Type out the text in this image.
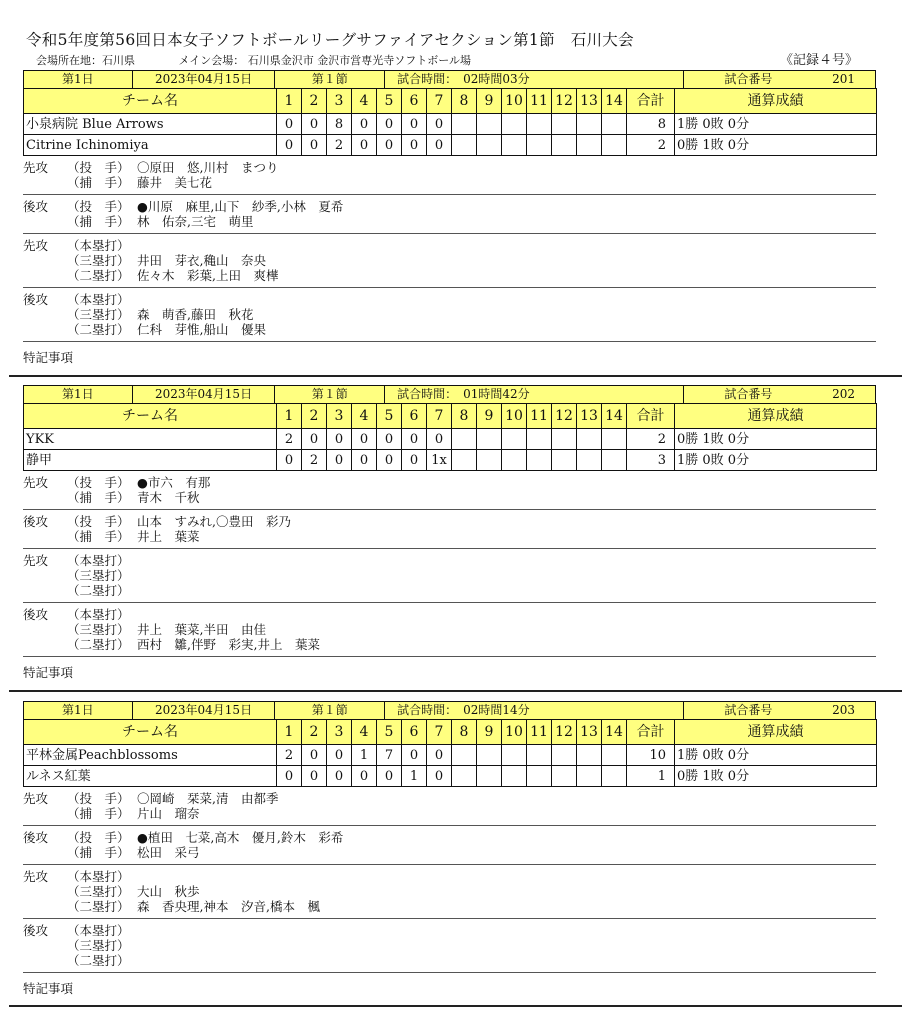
令和5年度第56回日本女子ソフトボールリーグサファイアセクション第1節　石川大会
会場所在地：石川県	メイン会場： 石川県金沢市 金沢市営専光寺ソフトボール場	《記録４号》
第1日	2023年04月15日	第１節	試合時間：　02時間03分	試合番号	201
チーム名	1	2	3	4	5	6	7	8	9	10	11	12	13	14	合計	通算成績
小泉病院 Blue Arrows	0	0	8	0	0	0	0								8	1勝 0敗 0分
Citrine Ichinomiya	0	0	2	0	0	0	0								2	0勝 1敗 0分
先攻	（投　手） 〇原田　悠,川村　まつり
（捕　手） 藤井　美七花
後攻	（投　手） ●川原　麻里,山下　紗季,小林　夏希
（捕　手） 林　佑奈,三宅　萌里
先攻	（本塁打）
（三塁打） 井田　芽衣,穐山　奈央
（二塁打） 佐々木　彩葉,上田　爽樺
後攻	（本塁打）
（三塁打） 森　萌香,藤田　秋花
（二塁打） 仁科　芽惟,船山　優果
特記事項
第1日	2023年04月15日	第１節	試合時間：　01時間42分	試合番号	202
チーム名	1	2	3	4	5	6	7	8	9	10	11	12	13	14	合計	通算成績
YKK	2	0	0	0	0	0	0								2	0勝 1敗 0分
静甲	0	2	0	0	0	0	1x								3	1勝 0敗 0分
先攻	（投　手） ●市六　有那
（捕　手） 青木　千秋
後攻	（投　手） 山本　すみれ,〇豊田　彩乃
（捕　手） 井上　葉菜
先攻	（本塁打）
（三塁打）
（二塁打）
後攻	（本塁打）
（三塁打） 井上　葉菜,半田　由佳
（二塁打） 西村　雛,伴野　彩実,井上　葉菜
特記事項
第1日	2023年04月15日	第１節	試合時間：　02時間14分	試合番号	203
チーム名	1	2	3	4	5	6	7	8	9	10	11	12	13	14	合計	通算成績
平林金属Peachblossoms	2	0	0	1	7	0	0								10	1勝 0敗 0分
ルネス紅葉	0	0	0	0	0	1	0								1	0勝 1敗 0分
先攻	（投　手） 〇岡崎　栞菜,清　由都季
（捕　手） 片山　瑠奈
後攻	（投　手） ●植田　七菜,高木　優月,鈴木　彩希
（捕　手） 松田　采弓
先攻	（本塁打）
（三塁打） 大山　秋歩
（二塁打） 森　香央理,神本　汐音,橋本　楓
後攻	（本塁打）
（三塁打）
（二塁打）
特記事項
